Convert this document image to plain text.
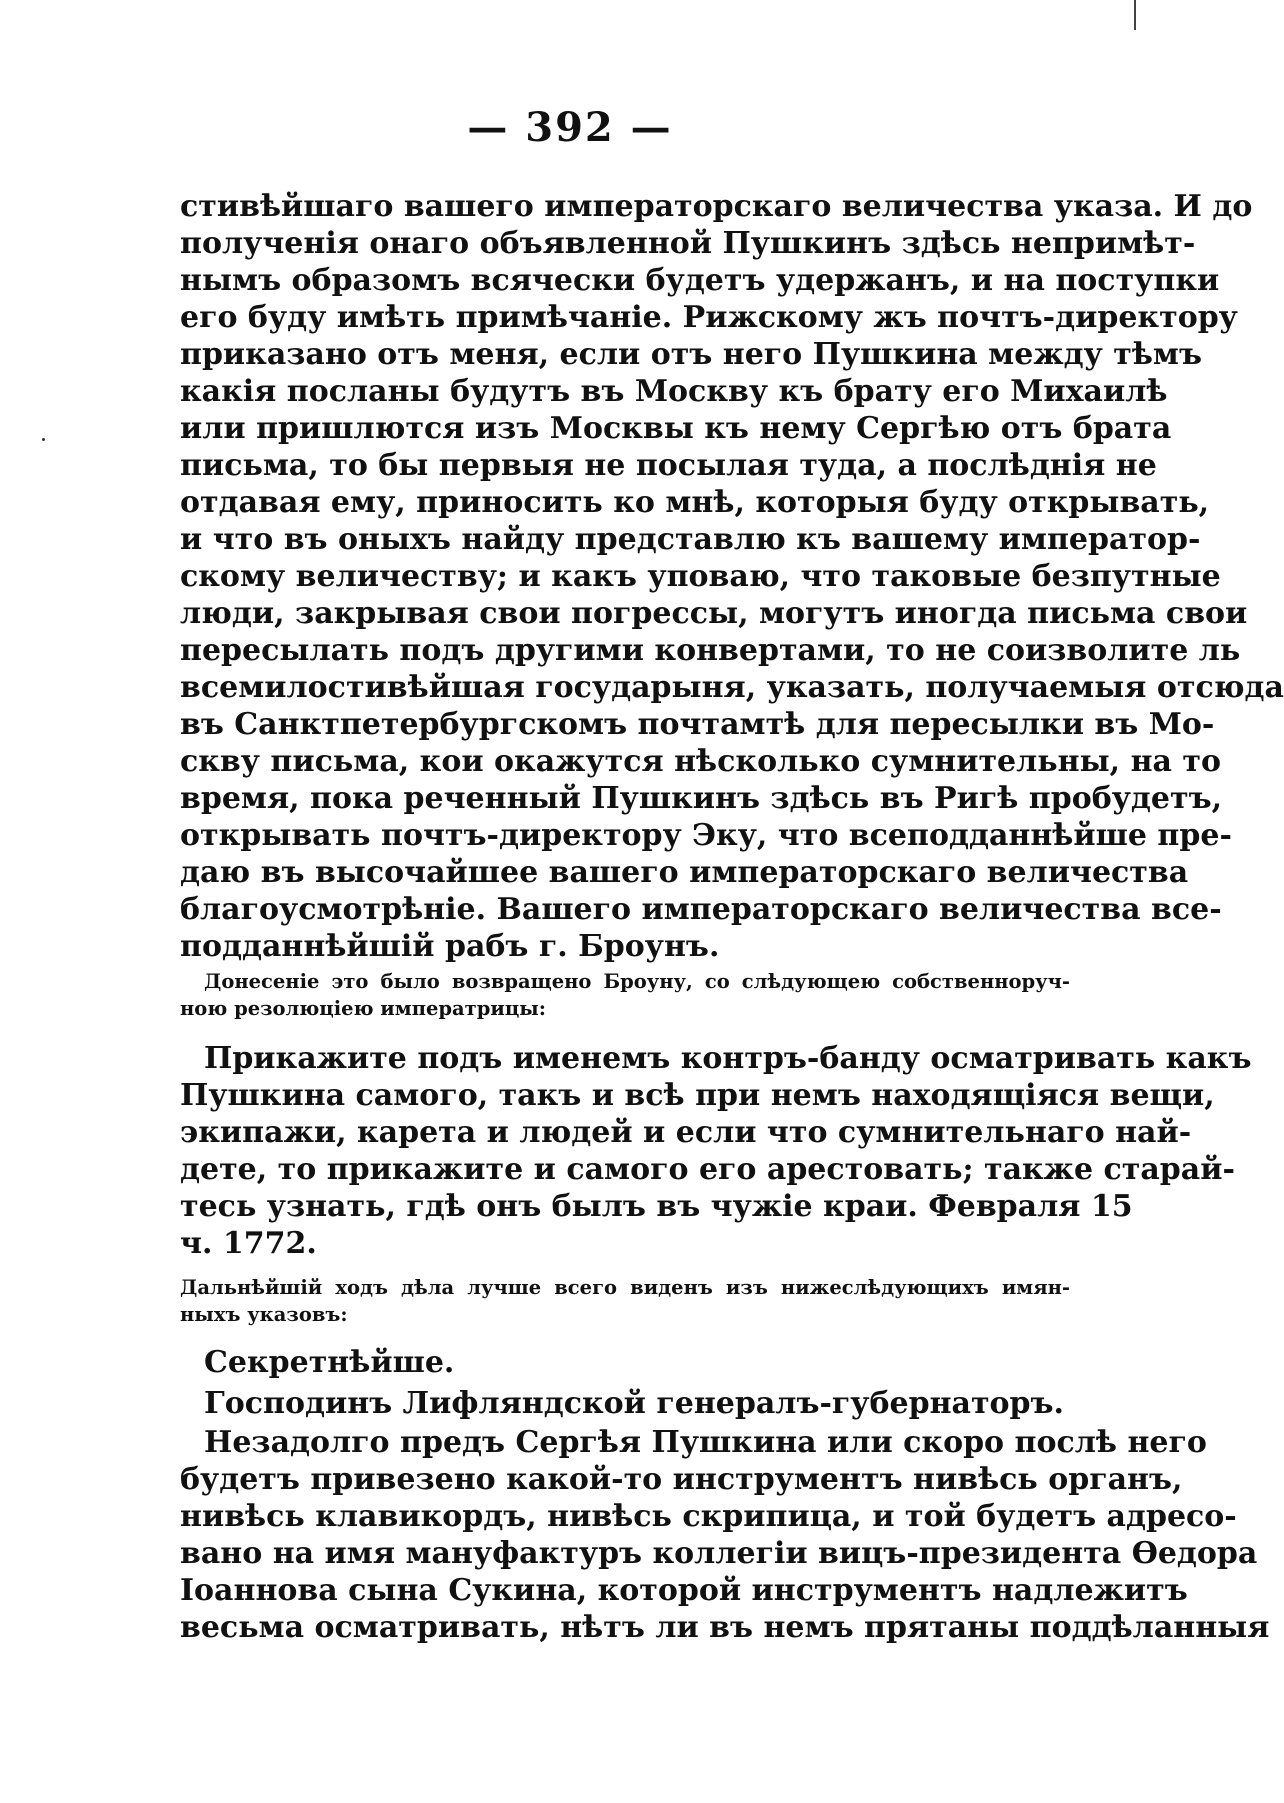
— 392 —
стивѣйшаго вашего императорскаго величества указа. И до
полученія онаго объявленной Пушкинъ здѣсь непримѣт-
нымъ образомъ всячески будетъ удержанъ, и на поступки
его буду имѣть примѣчаніе. Рижскому жъ почтъ-директору
приказано отъ меня, если отъ него Пушкина между тѣмъ
какія посланы будутъ въ Москву къ брату его Михаилѣ
или пришлются изъ Москвы къ нему Сергѣю отъ брата
письма, то бы первыя не посылая туда, а послѣднія не
отдавая ему, приносить ко мнѣ, которыя буду открывать,
и что въ оныхъ найду представлю къ вашему император-
скому величеству; и какъ уповаю, что таковые безпутные
люди, закрывая свои погрессы, могутъ иногда письма свои
пересылать подъ другими конвертами, то не соизволите ль
всемилостивѣйшая государыня, указать, получаемыя отсюда
въ Санктпетербургскомъ почтамтѣ для пересылки въ Мо-
скву письма, кои окажутся нѣсколько сумнительны, на то
время, пока реченный Пушкинъ здѣсь въ Ригѣ пробудетъ,
открывать почтъ-директору Эку, что всеподданнѣйше пре-
даю въ высочайшее вашего императорскаго величества
благоусмотрѣніе. Вашего императорскаго величества все-
подданнѣйшій рабъ г. Броунъ.
Донесеніе это было возвращено Броуну, со слѣдующею собственноруч-
ною резолюціею императрицы:
Прикажите подъ именемъ контръ-банду осматривать какъ
Пушкина самого, такъ и всѣ при немъ находящіяся вещи,
экипажи, карета и людей и если что сумнительнаго най-
дете, то прикажите и самого его арестовать; также старай-
тесь узнать, гдѣ онъ былъ въ чужіе краи. Февраля 15
ч. 1772.
Дальнѣйшій ходъ дѣла лучше всего виденъ изъ нижеслѣдующихъ имян-
ныхъ указовъ:
Секретнѣйше.
Господинъ Лифляндской генералъ-губернаторъ.
Незадолго предъ Сергѣя Пушкина или скоро послѣ него
будетъ привезено какой-то инструментъ нивѣсь органъ,
нивѣсь клавикордъ, нивѣсь скрипица, и той будетъ адресо-
вано на имя мануфактуръ коллегіи вицъ-президента Ѳедора
Іоаннова сына Сукина, которой инструментъ надлежитъ
весьма осматривать, нѣтъ ли въ немъ прятаны поддѣланныя
